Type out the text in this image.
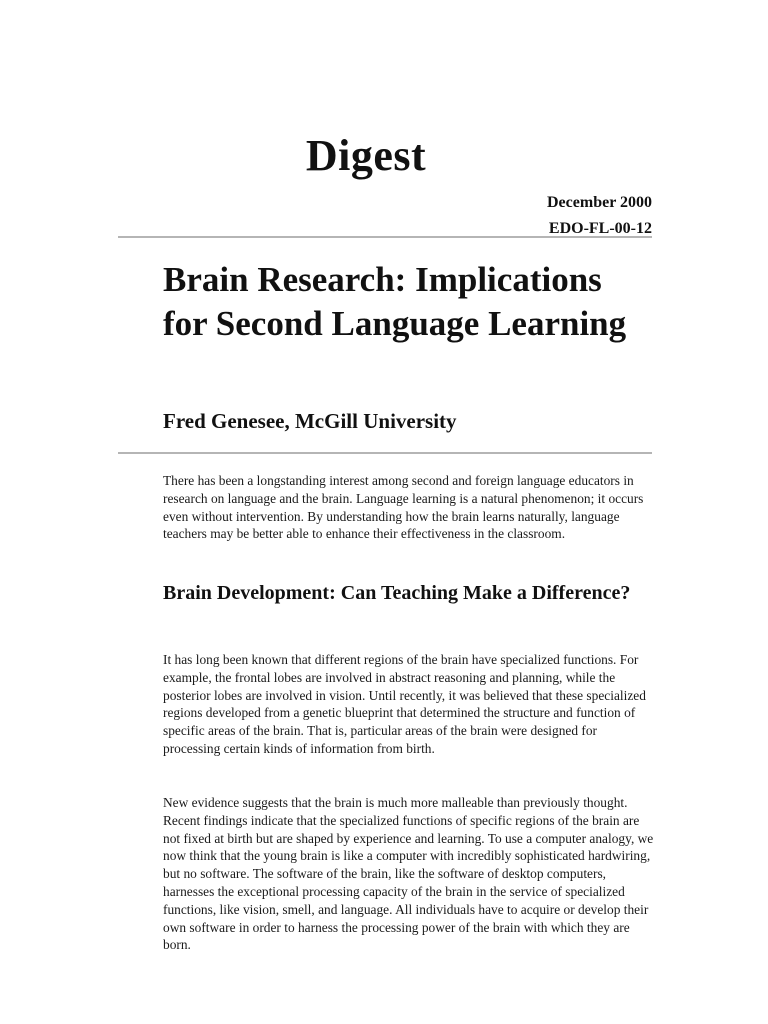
Digest
December 2000
EDO-FL-00-12
Brain Research: Implications for Second Language Learning
Fred Genesee, McGill University

There has been a longstanding interest among second and foreign language educators in research on language and the brain. Language learning is a natural phenomenon; it occurs even without intervention. By understanding how the brain learns naturally, language teachers may be better able to enhance their effectiveness in the classroom.

Brain Development: Can Teaching Make a Difference?

It has long been known that different regions of the brain have specialized functions. For example, the frontal lobes are involved in abstract reasoning and planning, while the posterior lobes are involved in vision. Until recently, it was believed that these specialized regions developed from a genetic blueprint that determined the structure and function of specific areas of the brain. That is, particular areas of the brain were designed for processing certain kinds of information from birth.

New evidence suggests that the brain is much more malleable than previously thought. Recent findings indicate that the specialized functions of specific regions of the brain are not fixed at birth but are shaped by experience and learning. To use a computer analogy, we now think that the young brain is like a computer with incredibly sophisticated hardwiring, but no software. The software of the brain, like the software of desktop computers, harnesses the exceptional processing capacity of the brain in the service of specialized functions, like vision, smell, and language. All individuals have to acquire or develop their own software in order to harness the processing power of the brain with which they are born.
